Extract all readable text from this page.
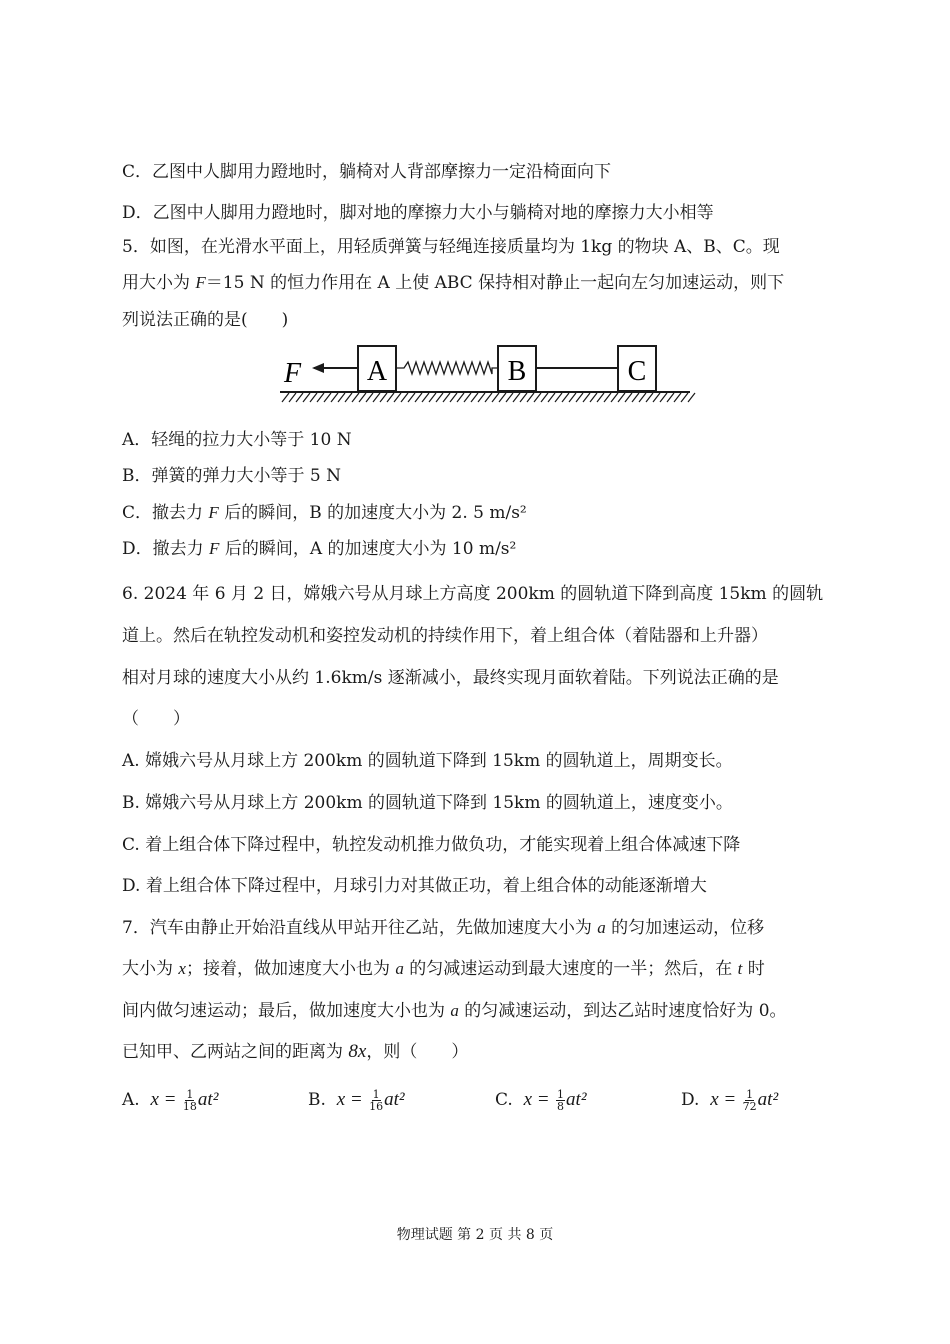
C．乙图中人脚用力蹬地时，躺椅对人背部摩擦力一定沿椅面向下
D．乙图中人脚用力蹬地时，脚对地的摩擦力大小与躺椅对地的摩擦力大小相等
5．如图，在光滑水平面上，用轻质弹簧与轻绳连接质量均为 1kg 的物块 A、B、C。现
用大小为 F＝15 N 的恒力作用在 A 上使 ABC 保持相对静止一起向左匀加速运动，则下
列说法正确的是(　　)
F A	B	C
A．轻绳的拉力大小等于 10 N
B．弹簧的弹力大小等于 5 N
C．撤去力 F 后的瞬间，B 的加速度大小为 2. 5 m/s²
D．撤去力 F 后的瞬间，A 的加速度大小为 10 m/s²
6. 2024 年 6 月 2 日，嫦娥六号从月球上方高度 200km 的圆轨道下降到高度 15km 的圆轨
道上。然后在轨控发动机和姿控发动机的持续作用下，着上组合体（着陆器和上升器）
相对月球的速度大小从约 1.6km/s 逐渐减小，最终实现月面软着陆。下列说法正确的是
（　　）
A. 嫦娥六号从月球上方 200km 的圆轨道下降到 15km 的圆轨道上，周期变长。
B. 嫦娥六号从月球上方 200km 的圆轨道下降到 15km 的圆轨道上，速度变小。
C. 着上组合体下降过程中，轨控发动机推力做负功，才能实现着上组合体减速下降
D. 着上组合体下降过程中，月球引力对其做正功，着上组合体的动能逐渐增大
7．汽车由静止开始沿直线从甲站开往乙站，先做加速度大小为 a 的匀加速运动，位移
大小为 x；接着，做加速度大小也为 a 的匀减速运动到最大速度的一半；然后，在 t 时
间内做匀速运动；最后，做加速度大小也为 a 的匀减速运动，到达乙站时速度恰好为 0。
已知甲、乙两站之间的距离为 8x，则（　　）
A. $x = \frac{1}{18} at^2$	B. $x = \frac{1}{16} at^2$	C. $x = \frac{1}{8} at^2$	D. $x = \frac{1}{72} at^2$
物理试题 第 2 页 共 8 页
